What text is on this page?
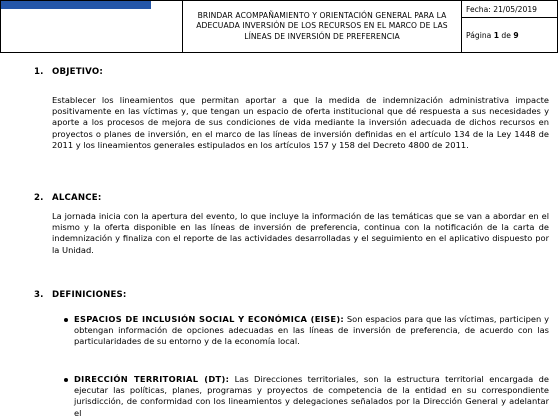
	BRINDAR ACOMPAÑAMIENTO Y ORIENTACIÓN GENERAL PARA LA ADECUADA INVERSIÓN DE LOS RECURSOS EN EL MARCO DE LAS LÍNEAS DE INVERSIÓN DE PREFERENCIA	Fecha: 21/05/2019
Página 1 de 9
1. OBJETIVO:

Establecer los lineamientos que permitan aportar a que la medida de indemnización administrativa impacte positivamente en las víctimas y, que tengan un espacio de oferta institucional que dé respuesta a sus necesidades y aporte a los procesos de mejora de sus condiciones de vida mediante la inversión adecuada de dichos recursos en proyectos o planes de inversión, en el marco de las líneas de inversión definidas en el artículo 134 de la Ley 1448 de 2011 y los lineamientos generales estipulados en los artículos 157 y 158 del Decreto 4800 de 2011.

2. ALCANCE:

La jornada inicia con la apertura del evento, lo que incluye la información de las temáticas que se van a abordar en el mismo y la oferta disponible en las líneas de inversión de preferencia, continua con la notificación de la carta de indemnización y finaliza con el reporte de las actividades desarrolladas y el seguimiento en el aplicativo dispuesto por la Unidad.

3. DEFINICIONES:

ESPACIOS DE INCLUSIÓN SOCIAL Y ECONÓMICA (EISE): Son espacios para que las víctimas, participen y obtengan información de opciones adecuadas en las líneas de inversión de preferencia, de acuerdo con las particularidades de su entorno y de la economía local.

DIRECCIÓN TERRITORIAL (DT): Las Direcciones territoriales, son la estructura territorial encargada de ejecutar las políticas, planes, programas y proyectos de competencia de la entidad en su correspondiente jurisdicción, de conformidad con los lineamientos y delegaciones señalados por la Dirección General y adelantar el
